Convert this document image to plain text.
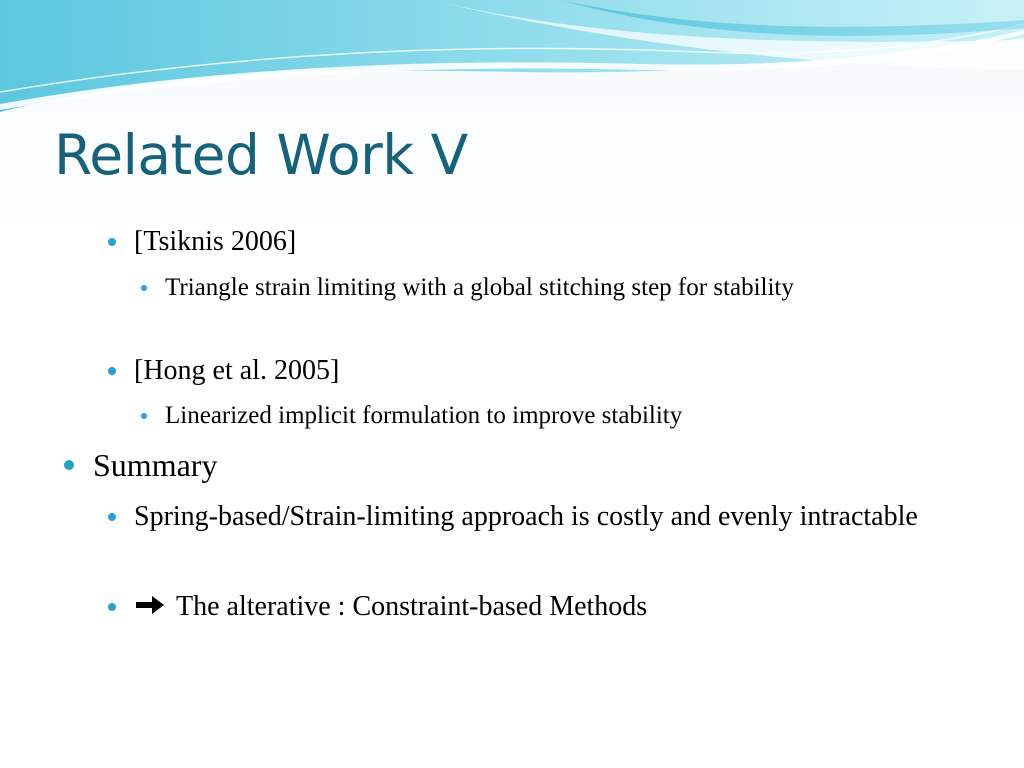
Related Work V
[Tsiknis 2006]
Triangle strain limiting with a global stitching step for stability
[Hong et al. 2005]
Linearized implicit formulation to improve stability
Summary
Spring-based/Strain-limiting approach is costly and evenly intractable
The alterative : Constraint-based Methods
